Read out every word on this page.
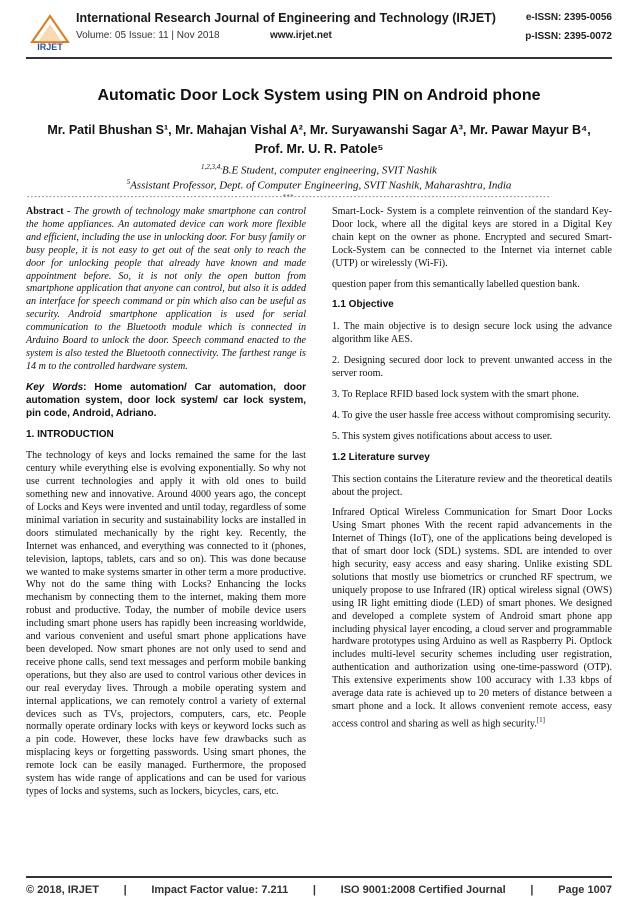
IRJET
International Research Journal of Engineering and Technology (IRJET)
Volume: 05 Issue: 11 | Nov 2018	www.irjet.net
e-ISSN: 2395-0056
p-ISSN: 2395-0072
Automatic Door Lock System using PIN on Android phone
Mr. Patil Bhushan S¹, Mr. Mahajan Vishal A², Mr. Suryawanshi Sagar A³, Mr. Pawar Mayur B⁴,
Prof. Mr. U. R. Patole⁵
$^{1,2,3,4,}$B.E Student, computer engineering, SVIT Nashik
$^5$Assistant Professor, Dept. of Computer Engineering, SVIT Nashik, Maharashtra, India
---------------------------------------------------------------------***---------------------------------------------------------------------

Abstract - The growth of technology make smartphone can control the home appliances. An automated device can work more flexible and efficient, including the use in unlocking door. For busy family or busy people, it is not easy to get out of the seat only to reach the door for unlocking people that already have known and made appointment before. So, it is not only the open button from smartphone application that anyone can control, but also it is added an interface for speech command or pin which also can be useful as security. Android smartphone application is used for serial communication to the Bluetooth module which is connected in Arduino Board to unlock the door. Speech command enacted to the system is also tested the Bluetooth connectivity. The farthest range is 14 m to the controlled hardware system.

Key Words: Home automation/ Car automation, door automation system, door lock system/ car lock system, pin code, Android, Adriano.

1. INTRODUCTION

The technology of keys and locks remained the same for the last century while everything else is evolving exponentially. So why not use current technologies and apply it with old ones to build something new and innovative. Around 4000 years ago, the concept of Locks and Keys were invented and until today, regardless of some minimal variation in security and sustainability locks are installed in doors stimulated mechanically by the right key. Recently, the Internet was enhanced, and everything was connected to it (phones, television, laptops, tablets, cars and so on). This was done because we wanted to make systems smarter in other term a more productive. Why not do the same thing with Locks? Enhancing the locks mechanism by connecting them to the internet, making them more robust and productive. Today, the number of mobile device users including smart phone users has rapidly been increasing worldwide, and various convenient and useful smart phone applications have been developed. Now smart phones are not only used to send and receive phone calls, send text messages and perform mobile banking operations, but they also are used to control various other devices in our real everyday lives. Through a mobile operating system and internal applications, we can remotely control a variety of external devices such as TVs, projectors, computers, cars, etc. People normally operate ordinary locks with keys or keyword locks such as a pin code. However, these locks have few drawbacks such as misplacing keys or forgetting passwords. Using smart phones, the remote lock can be easily managed. Furthermore, the proposed system has wide range of applications and can be used for various types of locks and systems, such as lockers, bicycles, cars, etc.

Smart-Lock- System is a complete reinvention of the standard Key-Door lock, where all the digital keys are stored in a Digital Key chain kept on the owner as phone. Encrypted and secured Smart-Lock-System can be connected to the Internet via internet cable (UTP) or wirelessly (Wi-Fi).

question paper from this semantically labelled question bank.

1.1 Objective

1. The main objective is to design secure lock using the advance algorithm like AES.

2. Designing secured door lock to prevent unwanted access in the server room.

3. To Replace RFID based lock system with the smart phone.

4. To give the user hassle free access without compromising security.

5. This system gives notifications about access to user.

1.2 Literature survey

This section contains the Literature review and the theoretical deatils about the project.

Infrared Optical Wireless Communication for Smart Door Locks Using Smart phones With the recent rapid advancements in the Internet of Things (IoT), one of the applications being developed is that of smart door lock (SDL) systems. SDL are intended to over high security, easy access and easy sharing. Unlike existing SDL solutions that mostly use biometrics or crunched RF spectrum, we uniquely propose to use Infrared (IR) optical wireless signal (OWS) using IR light emitting diode (LED) of smart phones. We designed and developed a complete system of Android smart phone app including physical layer encoding, a cloud server and programmable hardware prototypes using Arduino as well as Raspberry Pi. Optlock includes multi-level security schemes including user registration, authentication and authorization using one-time-password (OTP). This extensive experiments show 100 accuracy with 1.33 kbps of average data rate is achieved up to 20 meters of distance between a smart phone and a lock. It allows convenient remote access, easy access control and sharing as well as high security.[1]

© 2018, IRJET | Impact Factor value: 7.211 | ISO 9001:2008 Certified Journal | Page 1007
